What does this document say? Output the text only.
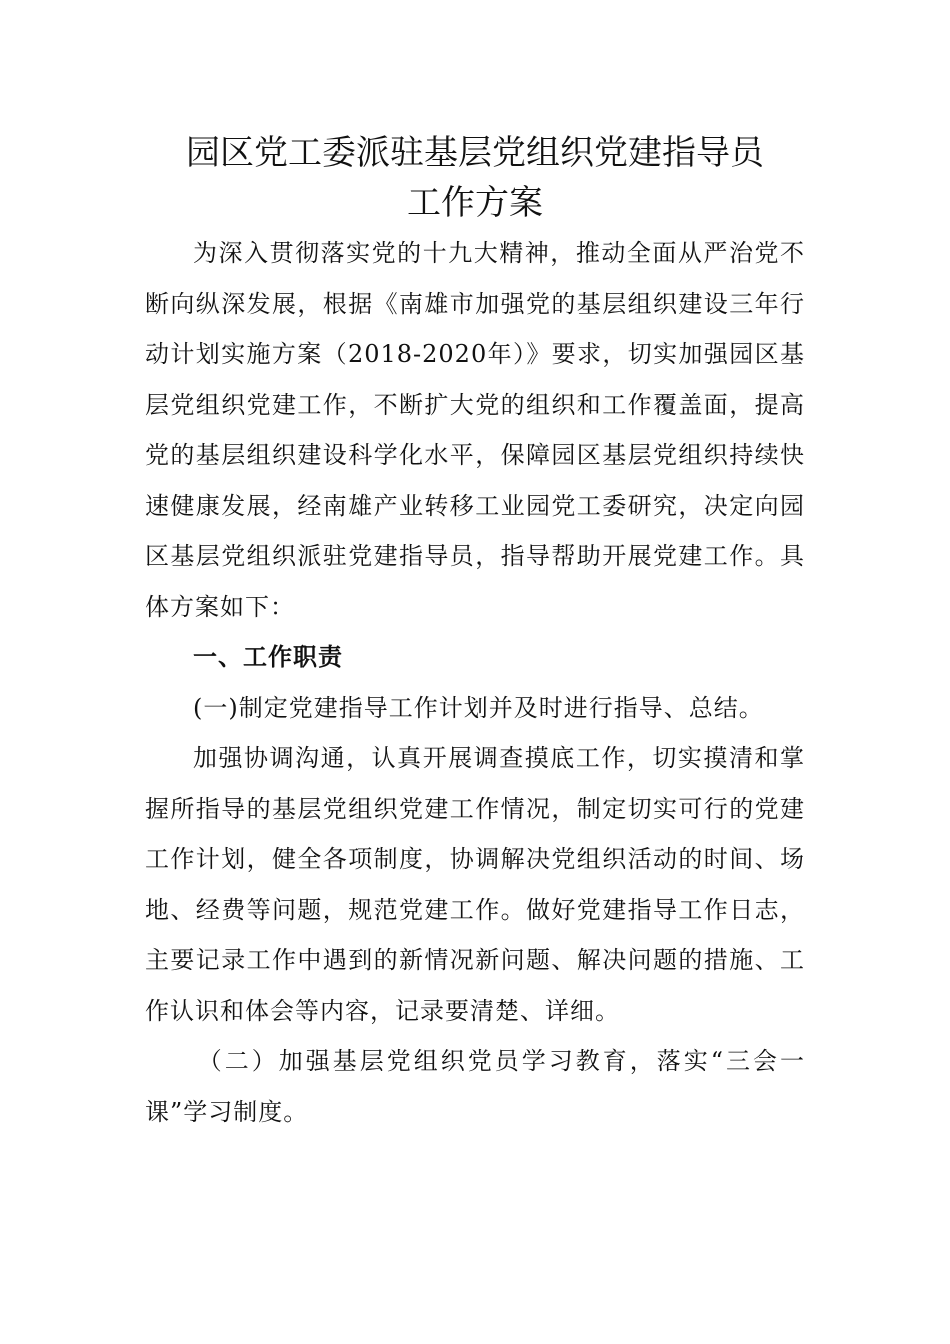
园区党工委派驻基层党组织党建指导员
工作方案

为深入贯彻落实党的十九大精神，推动全面从严治党不断向纵深发展，根据《南雄市加强党的基层组织建设三年行动计划实施方案（2018-2020年）》要求，切实加强园区基层党组织党建工作，不断扩大党的组织和工作覆盖面，提高党的基层组织建设科学化水平，保障园区基层党组织持续快速健康发展，经南雄产业转移工业园党工委研究，决定向园区基层党组织派驻党建指导员，指导帮助开展党建工作。具体方案如下：

一、工作职责

(一)制定党建指导工作计划并及时进行指导、总结。

加强协调沟通，认真开展调查摸底工作，切实摸清和掌握所指导的基层党组织党建工作情况，制定切实可行的党建工作计划，健全各项制度，协调解决党组织活动的时间、场地、经费等问题，规范党建工作。做好党建指导工作日志，主要记录工作中遇到的新情况新问题、解决问题的措施、工作认识和体会等内容，记录要清楚、详细。

（二）加强基层党组织党员学习教育，落实“三会一课”学习制度。
